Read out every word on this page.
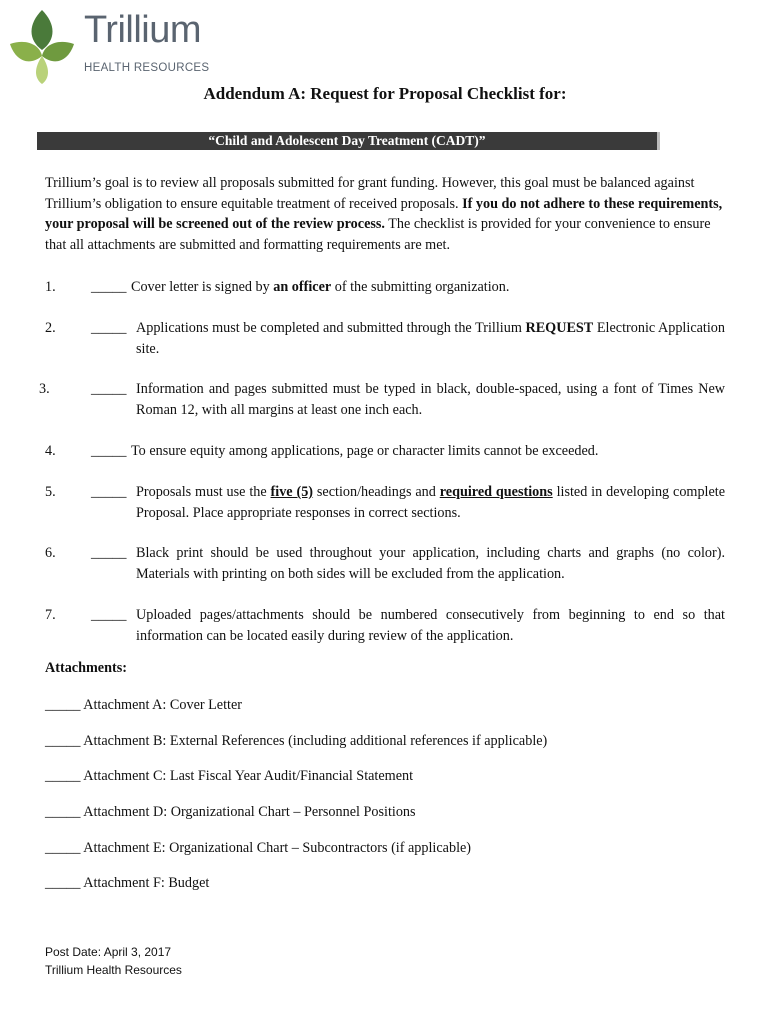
Trillium
HEALTH RESOURCES
Addendum A: Request for Proposal Checklist for:
“Child and Adolescent Day Treatment (CADT)”
Trillium’s goal is to review all proposals submitted for grant funding. However, this goal must be balanced against Trillium’s obligation to ensure equitable treatment of received proposals. If you do not adhere to these requirements, your proposal will be screened out of the review process. The checklist is provided for your convenience to ensure that all attachments are submitted and formatting requirements are met.
1. _____ Cover letter is signed by an officer of the submitting organization.
2. _____ Applications must be completed and submitted through the Trillium REQUEST Electronic Application site.
3.	_____ Information and pages submitted must be typed in black, double-spaced, using a font of Times New Roman 12, with all margins at least one inch each.
4. _____ To ensure equity among applications, page or character limits cannot be exceeded.
5. _____ Proposals must use the five (5) section/headings and required questions listed in developing complete Proposal. Place appropriate responses in correct sections.
6. _____ Black print should be used throughout your application, including charts and graphs (no color). Materials with printing on both sides will be excluded from the application.
7. _____ Uploaded pages/attachments should be numbered consecutively from beginning to end so that information can be located easily during review of the application.
Attachments:
_____ Attachment A: Cover Letter
_____ Attachment B: External References (including additional references if applicable)
_____ Attachment C: Last Fiscal Year Audit/Financial Statement
_____ Attachment D: Organizational Chart – Personnel Positions
_____ Attachment E: Organizational Chart – Subcontractors (if applicable)
_____ Attachment F: Budget
Post Date: April 3, 2017
Trillium Health Resources
